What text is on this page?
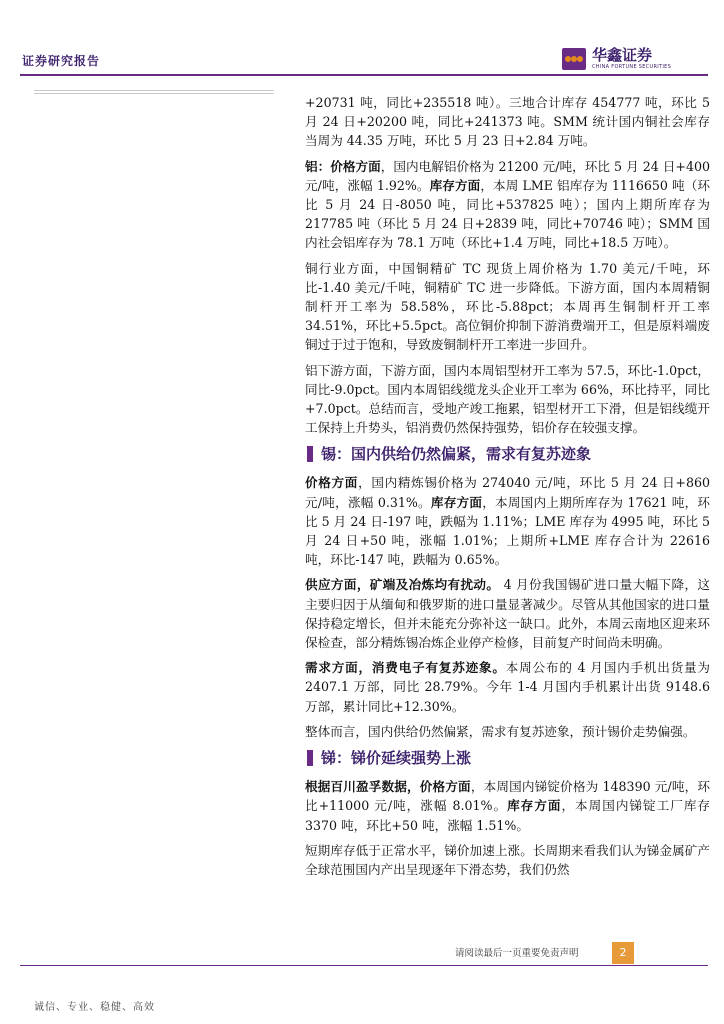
证券研究报告	华鑫证券
CHINA FORTUNE SECURITIES

+20731 吨，同比+235518 吨）。三地合计库存 454777 吨，环比 5 月 24 日+20200 吨，同比+241373 吨。SMM 统计国内铜社会库存当周为 44.35 万吨，环比 5 月 23 日+2.84 万吨。

铝：价格方面，国内电解铝价格为 21200 元/吨，环比 5 月 24 日+400 元/吨，涨幅 1.92%。库存方面，本周 LME 铝库存为 1116650 吨（环比 5 月 24 日-8050 吨，同比+537825 吨）；国内上期所库存为 217785 吨（环比 5 月 24 日+2839 吨，同比+70746 吨）；SMM 国内社会铝库存为 78.1 万吨（环比+1.4 万吨，同比+18.5 万吨）。

铜行业方面，中国铜精矿 TC 现货上周价格为 1.70 美元/千吨，环比-1.40 美元/千吨，铜精矿 TC 进一步降低。下游方面，国内本周精铜制杆开工率为 58.58%，环比-5.88pct；本周再生铜制杆开工率 34.51%，环比+5.5pct。高位铜价抑制下游消费端开工，但是原料端废铜过于过于饱和，导致废铜制杆开工率进一步回升。

铝下游方面，下游方面，国内本周铝型材开工率为 57.5，环比-1.0pct，同比-9.0pct。国内本周铝线缆龙头企业开工率为 66%，环比持平，同比+7.0pct。总结而言，受地产竣工拖累，铝型材开工下滑，但是铝线缆开工保持上升势头，铝消费仍然保持强势，铝价存在较强支撑。

锡：国内供给仍然偏紧，需求有复苏迹象

价格方面，国内精炼锡价格为 274040 元/吨，环比 5 月 24 日+860 元/吨，涨幅 0.31%。库存方面，本周国内上期所库存为 17621 吨，环比 5 月 24 日-197 吨，跌幅为 1.11%；LME 库存为 4995 吨，环比 5 月 24 日+50 吨，涨幅 1.01%；上期所+LME 库存合计为 22616 吨，环比-147 吨，跌幅为 0.65%。

供应方面，矿端及冶炼均有扰动。 4 月份我国锡矿进口量大幅下降，这主要归因于从缅甸和俄罗斯的进口量显著减少。尽管从其他国家的进口量保持稳定增长，但并未能充分弥补这一缺口。此外，本周云南地区迎来环保检查，部分精炼锡冶炼企业停产检修，目前复产时间尚未明确。

需求方面，消费电子有复苏迹象。本周公布的 4 月国内手机出货量为 2407.1 万部，同比 28.79%。今年 1-4 月国内手机累计出货 9148.6 万部，累计同比+12.30%。

整体而言，国内供给仍然偏紧，需求有复苏迹象，预计锡价走势偏强。

锑：锑价延续强势上涨

根据百川盈孚数据，价格方面，本周国内锑锭价格为 148390 元/吨，环比+11000 元/吨，涨幅 8.01%。库存方面，本周国内锑锭工厂库存 3370 吨，环比+50 吨，涨幅 1.51%。

短期库存低于正常水平，锑价加速上涨。长周期来看我们认为锑金属矿产全球范围国内产出呈现逐年下滑态势，我们仍然

请阅读最后一页重要免责声明	2
诚信、专业、稳健、高效
